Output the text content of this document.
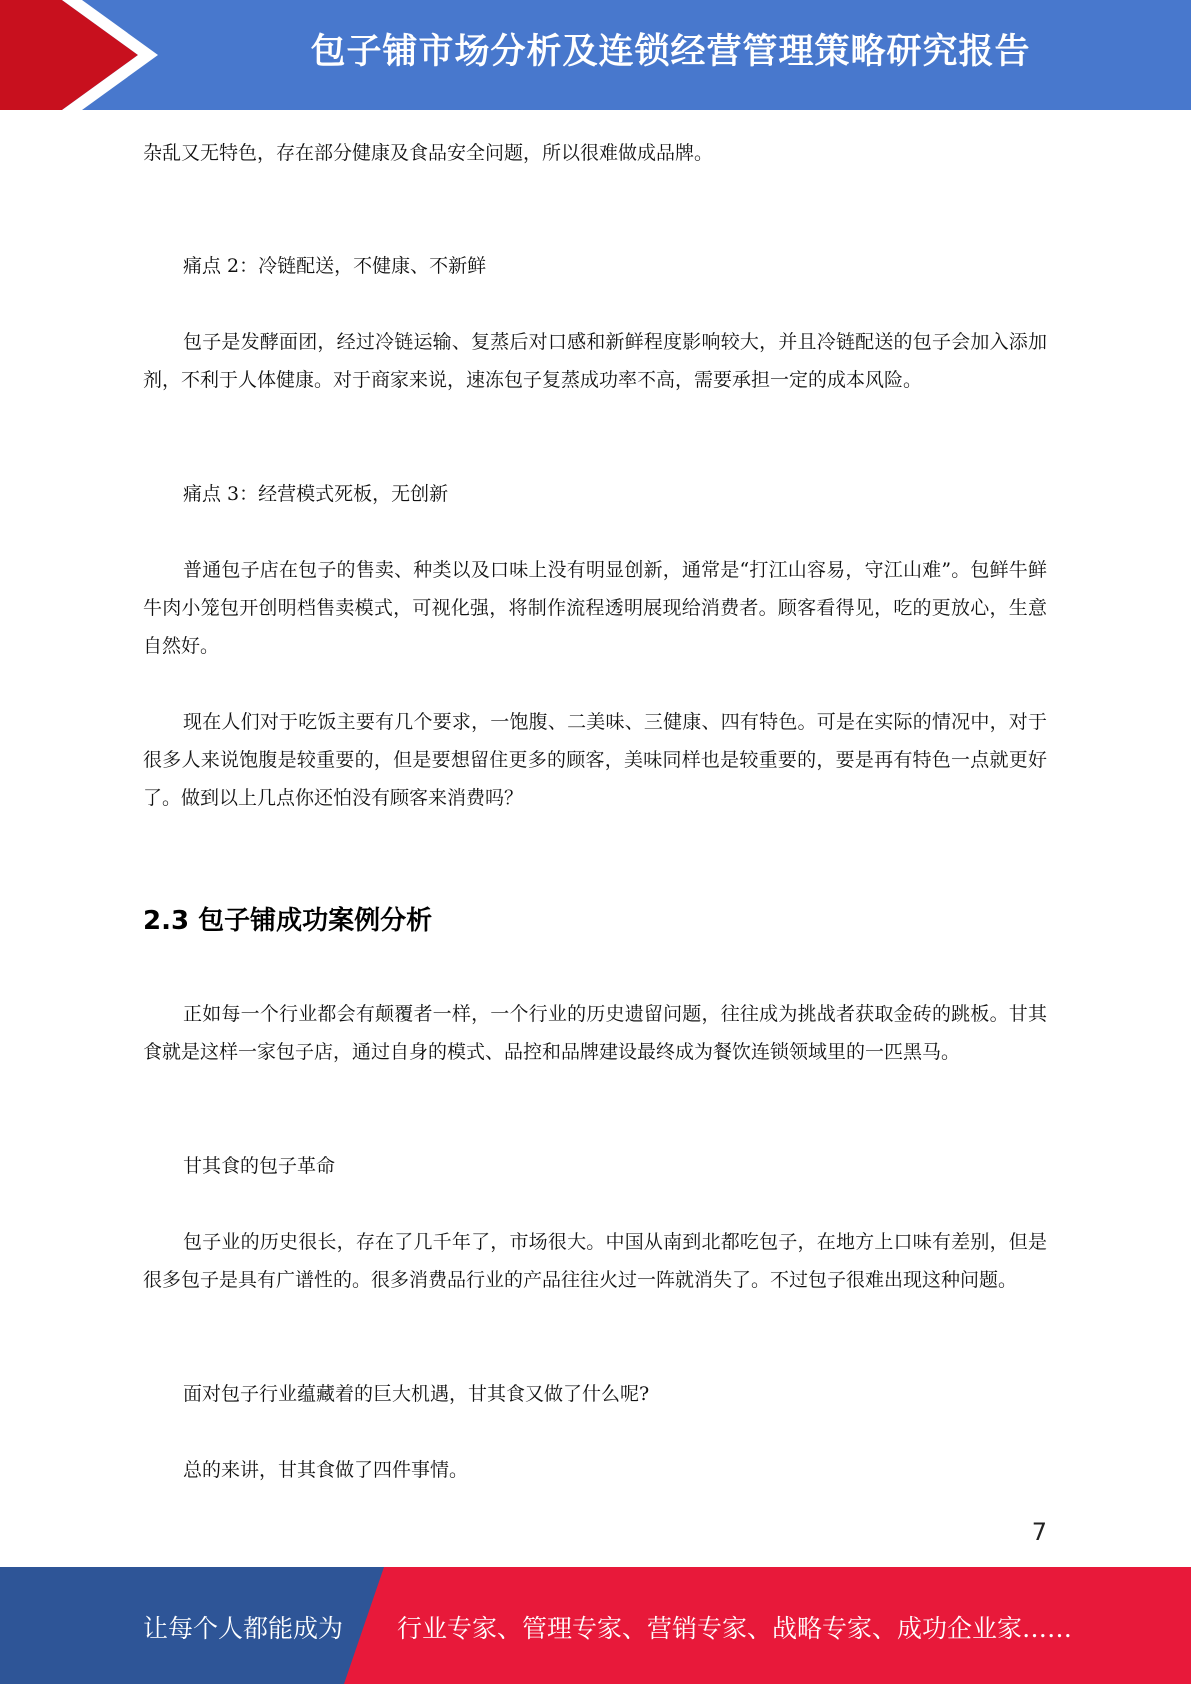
包子铺市场分析及连锁经营管理策略研究报告

杂乱又无特色，存在部分健康及食品安全问题，所以很难做成品牌。

痛点 2：冷链配送，不健康、不新鲜

包子是发酵面团，经过冷链运输、复蒸后对口感和新鲜程度影响较大，并且冷链配送的包子会加入添加剂，不利于人体健康。对于商家来说，速冻包子复蒸成功率不高，需要承担一定的成本风险。

痛点 3：经营模式死板，无创新

普通包子店在包子的售卖、种类以及口味上没有明显创新，通常是“打江山容易，守江山难”。包鲜牛鲜牛肉小笼包开创明档售卖模式，可视化强，将制作流程透明展现给消费者。顾客看得见，吃的更放心，生意自然好。

现在人们对于吃饭主要有几个要求，一饱腹、二美味、三健康、四有特色。可是在实际的情况中，对于很多人来说饱腹是较重要的，但是要想留住更多的顾客，美味同样也是较重要的，要是再有特色一点就更好了。做到以上几点你还怕没有顾客来消费吗？

2.3 包子铺成功案例分析

正如每一个行业都会有颠覆者一样，一个行业的历史遗留问题，往往成为挑战者获取金砖的跳板。甘其食就是这样一家包子店，通过自身的模式、品控和品牌建设最终成为餐饮连锁领域里的一匹黑马。

甘其食的包子革命

包子业的历史很长，存在了几千年了，市场很大。中国从南到北都吃包子，在地方上口味有差别，但是很多包子是具有广谱性的。很多消费品行业的产品往往火过一阵就消失了。不过包子很难出现这种问题。

面对包子行业蕴藏着的巨大机遇，甘其食又做了什么呢?

总的来讲，甘其食做了四件事情。

7
让每个人都能成为 行业专家、管理专家、营销专家、战略专家、成功企业家……
